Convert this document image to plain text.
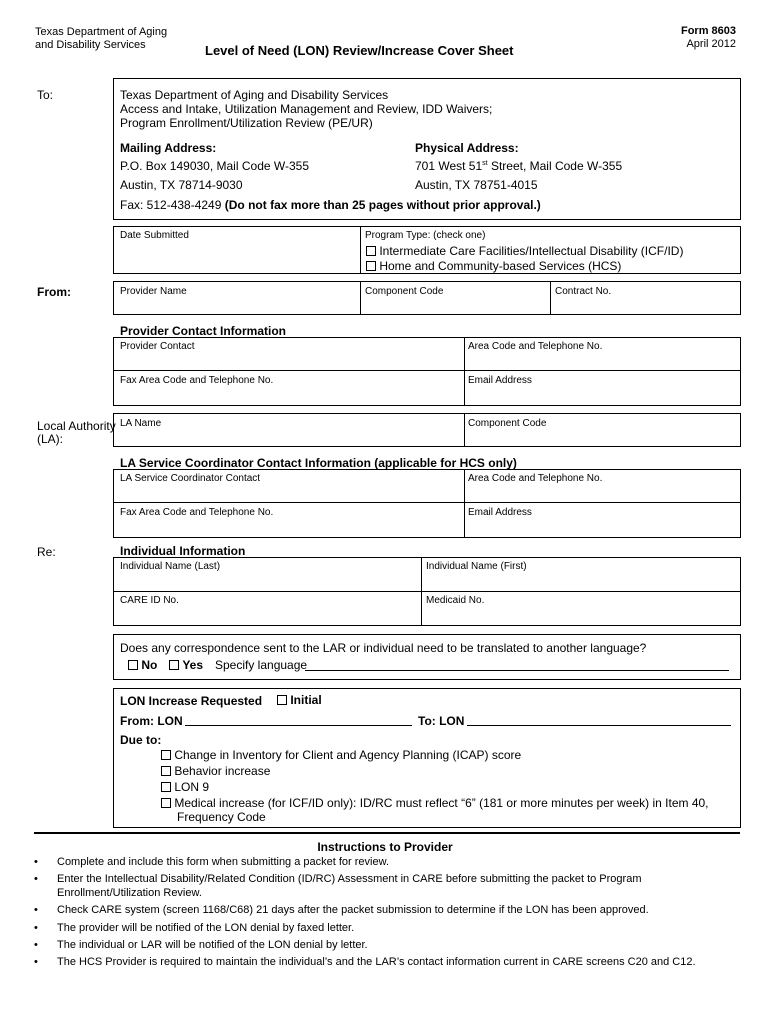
Texas Department of Aging
and Disability Services	Level of Need (LON) Review/Increase Cover Sheet
Form 8603
April 2012
To:	Texas Department of Aging and Disability Services
Access and Intake, Utilization Management and Review, IDD Waivers;
Program Enrollment/Utilization Review (PE/UR)
Mailing Address:
P.O. Box 149030, Mail Code W-355
Austin, TX 78714-9030
Physical Address:
701 West 51st Street, Mail Code W-355
Austin, TX 78751-4015
Fax: 512-438-4249 (Do not fax more than 25 pages without prior approval.)
Date Submitted	Program Type: (check one)
Intermediate Care Facilities/Intellectual Disability (ICF/ID)
Home and Community-based Services (HCS)
From:	Provider Name	Component Code	Contract No.
Provider Contact Information
Provider Contact	Area Code and Telephone No.
Fax Area Code and Telephone No.	Email Address
Local Authority
(LA):
LA Name	Component Code
LA Service Coordinator Contact Information (applicable for HCS only)
LA Service Coordinator Contact	Area Code and Telephone No.
Fax Area Code and Telephone No.	Email Address
Re:	Individual Information
Individual Name (Last)	Individual Name (First)
CARE ID No.	Medicaid No.
Does any correspondence sent to the LAR or individual need to be translated to another language?
No	Yes Specify language
LON Increase Requested	Initial
From: LON	To: LON
Due to:
Change in Inventory for Client and Agency Planning (ICAP) score
Behavior increase
LON 9
Medical increase (for ICF/ID only): ID/RC must reflect “6” (181 or more minutes per week) in Item 40,
Frequency Code
Instructions to Provider
• Complete and include this form when submitting a packet for review.
• Enter the Intellectual Disability/Related Condition (ID/RC) Assessment in CARE before submitting the packet to Program
Enrollment/Utilization Review.
• Check CARE system (screen 1168/C68) 21 days after the packet submission to determine if the LON has been approved.
• The provider will be notified of the LON denial by faxed letter.
• The individual or LAR will be notified of the LON denial by letter.
• The HCS Provider is required to maintain the individual’s and the LAR’s contact information current in CARE screens C20 and C12.
